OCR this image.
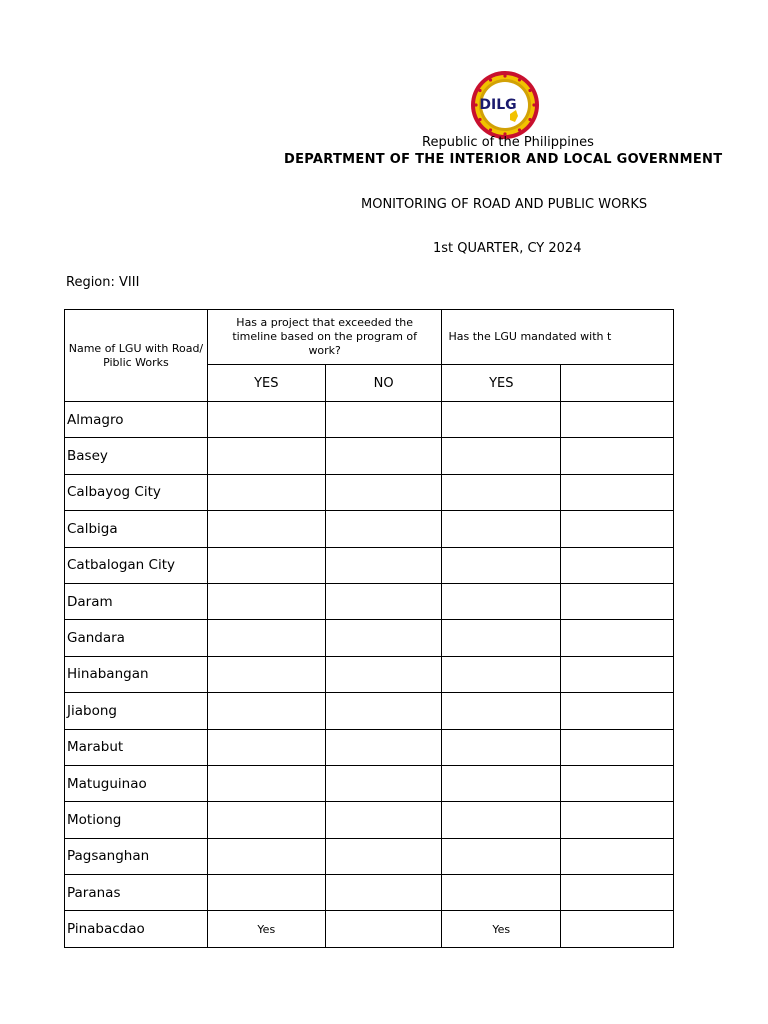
DILG
Republic of the Philippines
DEPARTMENT OF THE INTERIOR AND LOCAL GOVERNMENT
MONITORING OF ROAD AND PUBLIC WORKS
1st QUARTER, CY 2024
Region: VIII
Name of LGU with Road/ Piblic Works	Has a project that exceeded the timeline based on the program of work?		Has the LGU mandated with t	
	YES	NO	YES	
Almagro				
Basey				
Calbayog City				
Calbiga				
Catbalogan City				
Daram				
Gandara				
Hinabangan				
Jiabong				
Marabut				
Matuguinao				
Motiong				
Pagsanghan				
Paranas				
Pinabacdao	Yes		Yes	
